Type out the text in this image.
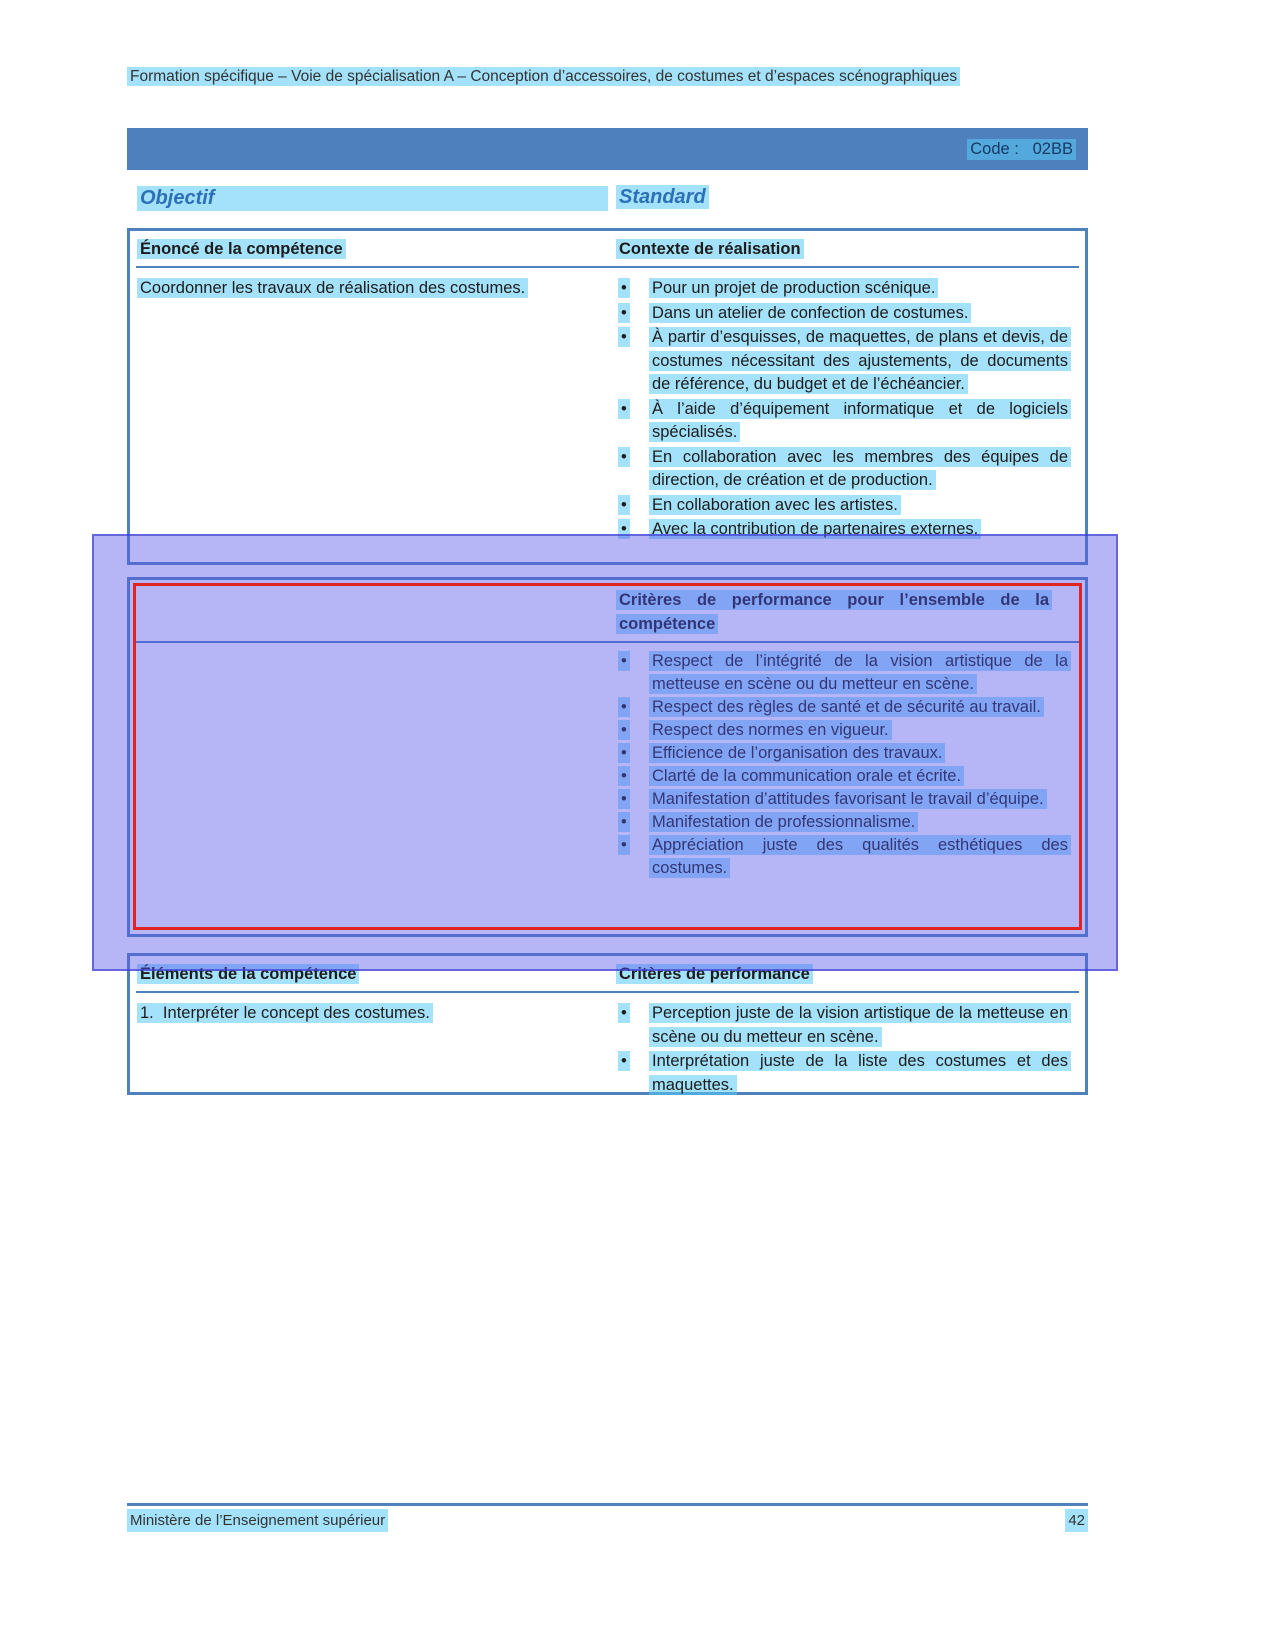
Formation spécifique – Voie de spécialisation A – Conception d’accessoires, de costumes et d’espaces scénographiques
Code :   02BB
Objectif	Standard
Énoncé de la compétence	Contexte de réalisation
Coordonner les travaux de réalisation des costumes.	•	Pour un projet de production scénique.
•	Dans un atelier de confection de costumes.
•	À partir d’esquisses, de maquettes, de plans et devis, de costumes nécessitant des ajustements, de documents de référence, du budget et de l’échéancier.
•	À l’aide d’équipement informatique et de logiciels spécialisés.
•	En collaboration avec les membres des équipes de direction, de création et de production.
•	En collaboration avec les artistes.
•	Avec la contribution de partenaires externes.
Critères de performance pour l’ensemble de la compétence
•	Respect de l’intégrité de la vision artistique de la metteuse en scène ou du metteur en scène.
•	Respect des règles de santé et de sécurité au travail.
•	Respect des normes en vigueur.
•	Efficience de l’organisation des travaux.
•	Clarté de la communication orale et écrite.
•	Manifestation d’attitudes favorisant le travail d’équipe.
•	Manifestation de professionnalisme.
•	Appréciation juste des qualités esthétiques des costumes.
Éléments de la compétence	Critères de performance
1.  Interpréter le concept des costumes.	•	Perception juste de la vision artistique de la metteuse en scène ou du metteur en scène.
•	Interprétation juste de la liste des costumes et des maquettes.
Ministère de l’Enseignement supérieur	42
